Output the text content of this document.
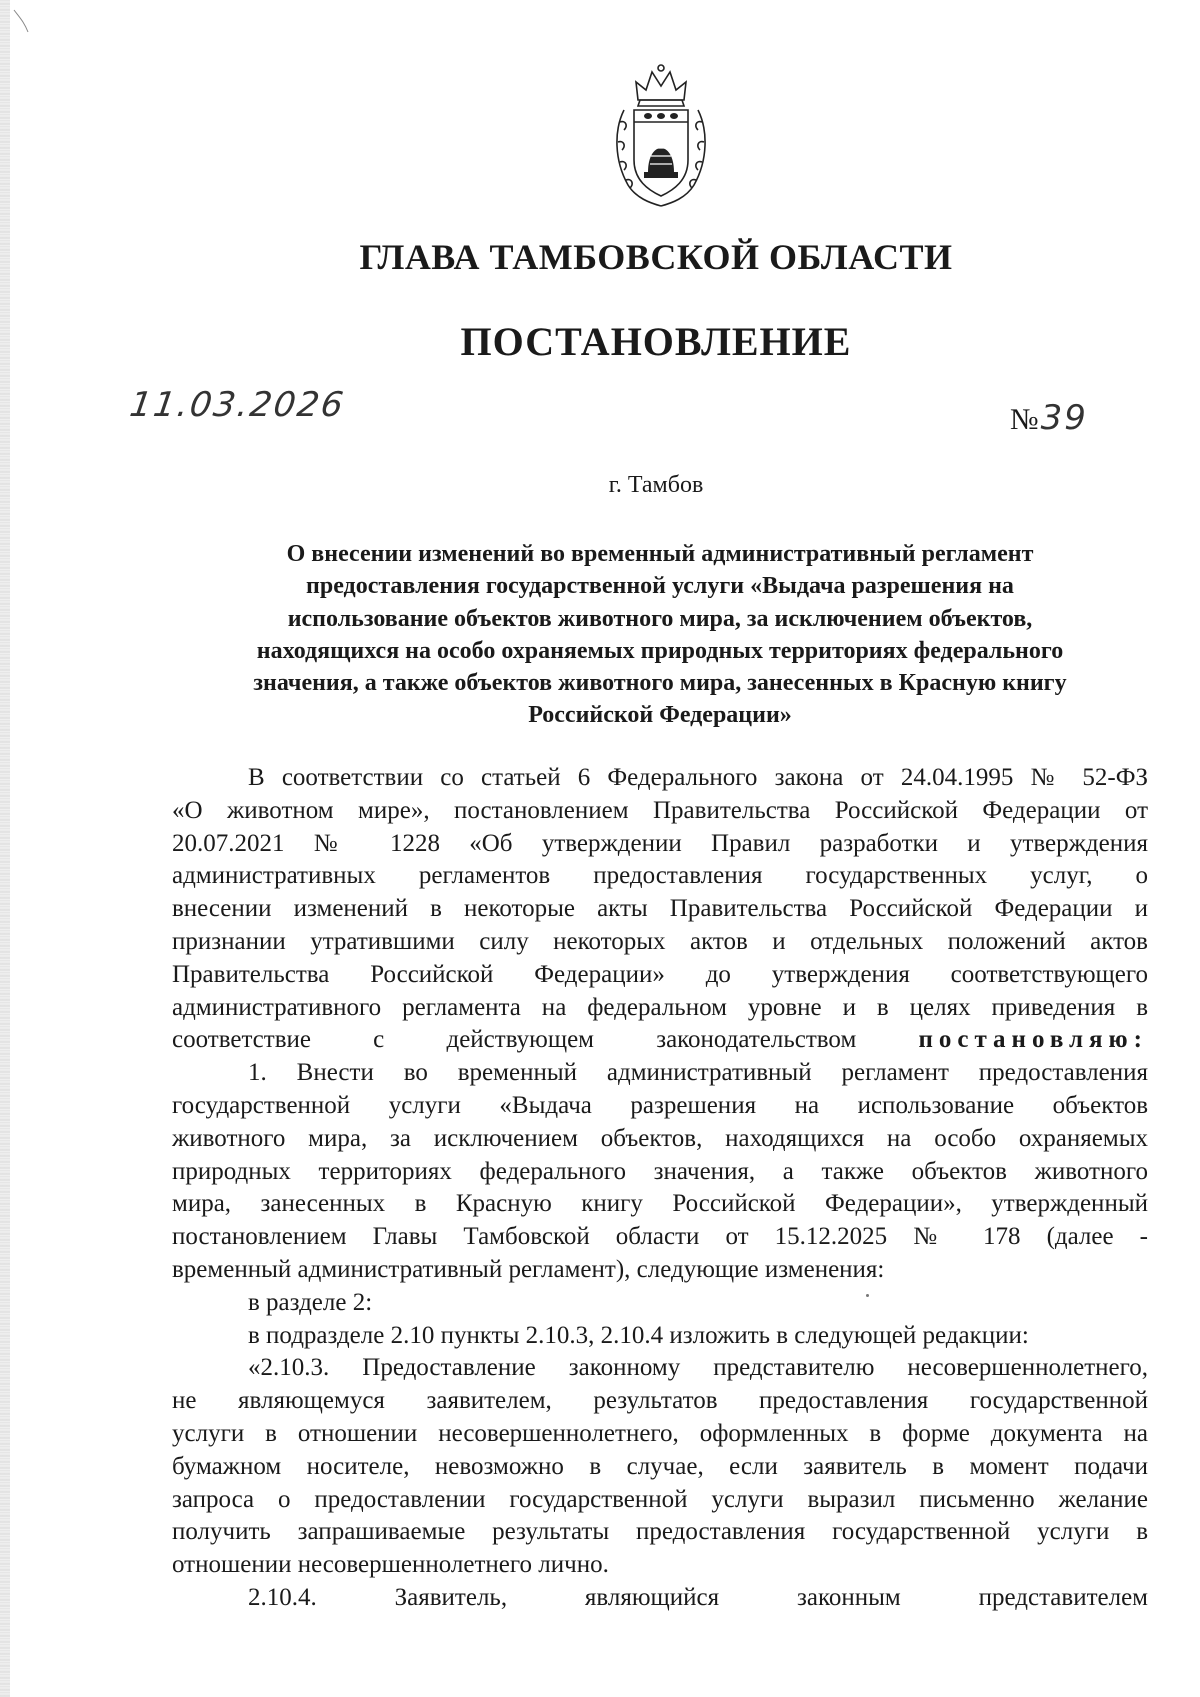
ГЛАВА ТАМБОВСКОЙ ОБЛАСТИ
ПОСТАНОВЛЕНИЕ
11.03.2026	№39
г. Тамбов
О внесении изменений во временный административный регламент
предоставления государственной услуги «Выдача разрешения на
использование объектов животного мира, за исключением объектов,
находящихся на особо охраняемых природных территориях федерального
значения, а также объектов животного мира, занесенных в Красную книгу
Российской Федерации»
В соответствии со статьей 6 Федерального закона от 24.04.1995 № 52-ФЗ
«О животном мире», постановлением Правительства Российской Федерации от
20.07.2021 № 1228 «Об утверждении Правил разработки и утверждения
административных регламентов предоставления государственных услуг, о
внесении изменений в некоторые акты Правительства Российской Федерации и
признании утратившими силу некоторых актов и отдельных положений актов
Правительства Российской Федерации» до утверждения соответствующего
административного регламента на федеральном уровне и в целях приведения в
соответствие с действующем законодательством постановляю:
1. Внести во временный административный регламент предоставления
государственной услуги «Выдача разрешения на использование объектов
животного мира, за исключением объектов, находящихся на особо охраняемых
природных территориях федерального значения, а также объектов животного
мира, занесенных в Красную книгу Российской Федерации», утвержденный
постановлением Главы Тамбовской области от 15.12.2025 № 178 (далее -
временный административный регламент), следующие изменения:
в разделе 2:
в подразделе 2.10 пункты 2.10.3, 2.10.4 изложить в следующей редакции:
«2.10.3. Предоставление законному представителю несовершеннолетнего,
не являющемуся заявителем, результатов предоставления государственной
услуги в отношении несовершеннолетнего, оформленных в форме документа на
бумажном носителе, невозможно в случае, если заявитель в момент подачи
запроса о предоставлении государственной услуги выразил письменно желание
получить запрашиваемые результаты предоставления государственной услуги в
отношении несовершеннолетнего лично.
2.10.4. Заявитель, являющийся законным представителем
